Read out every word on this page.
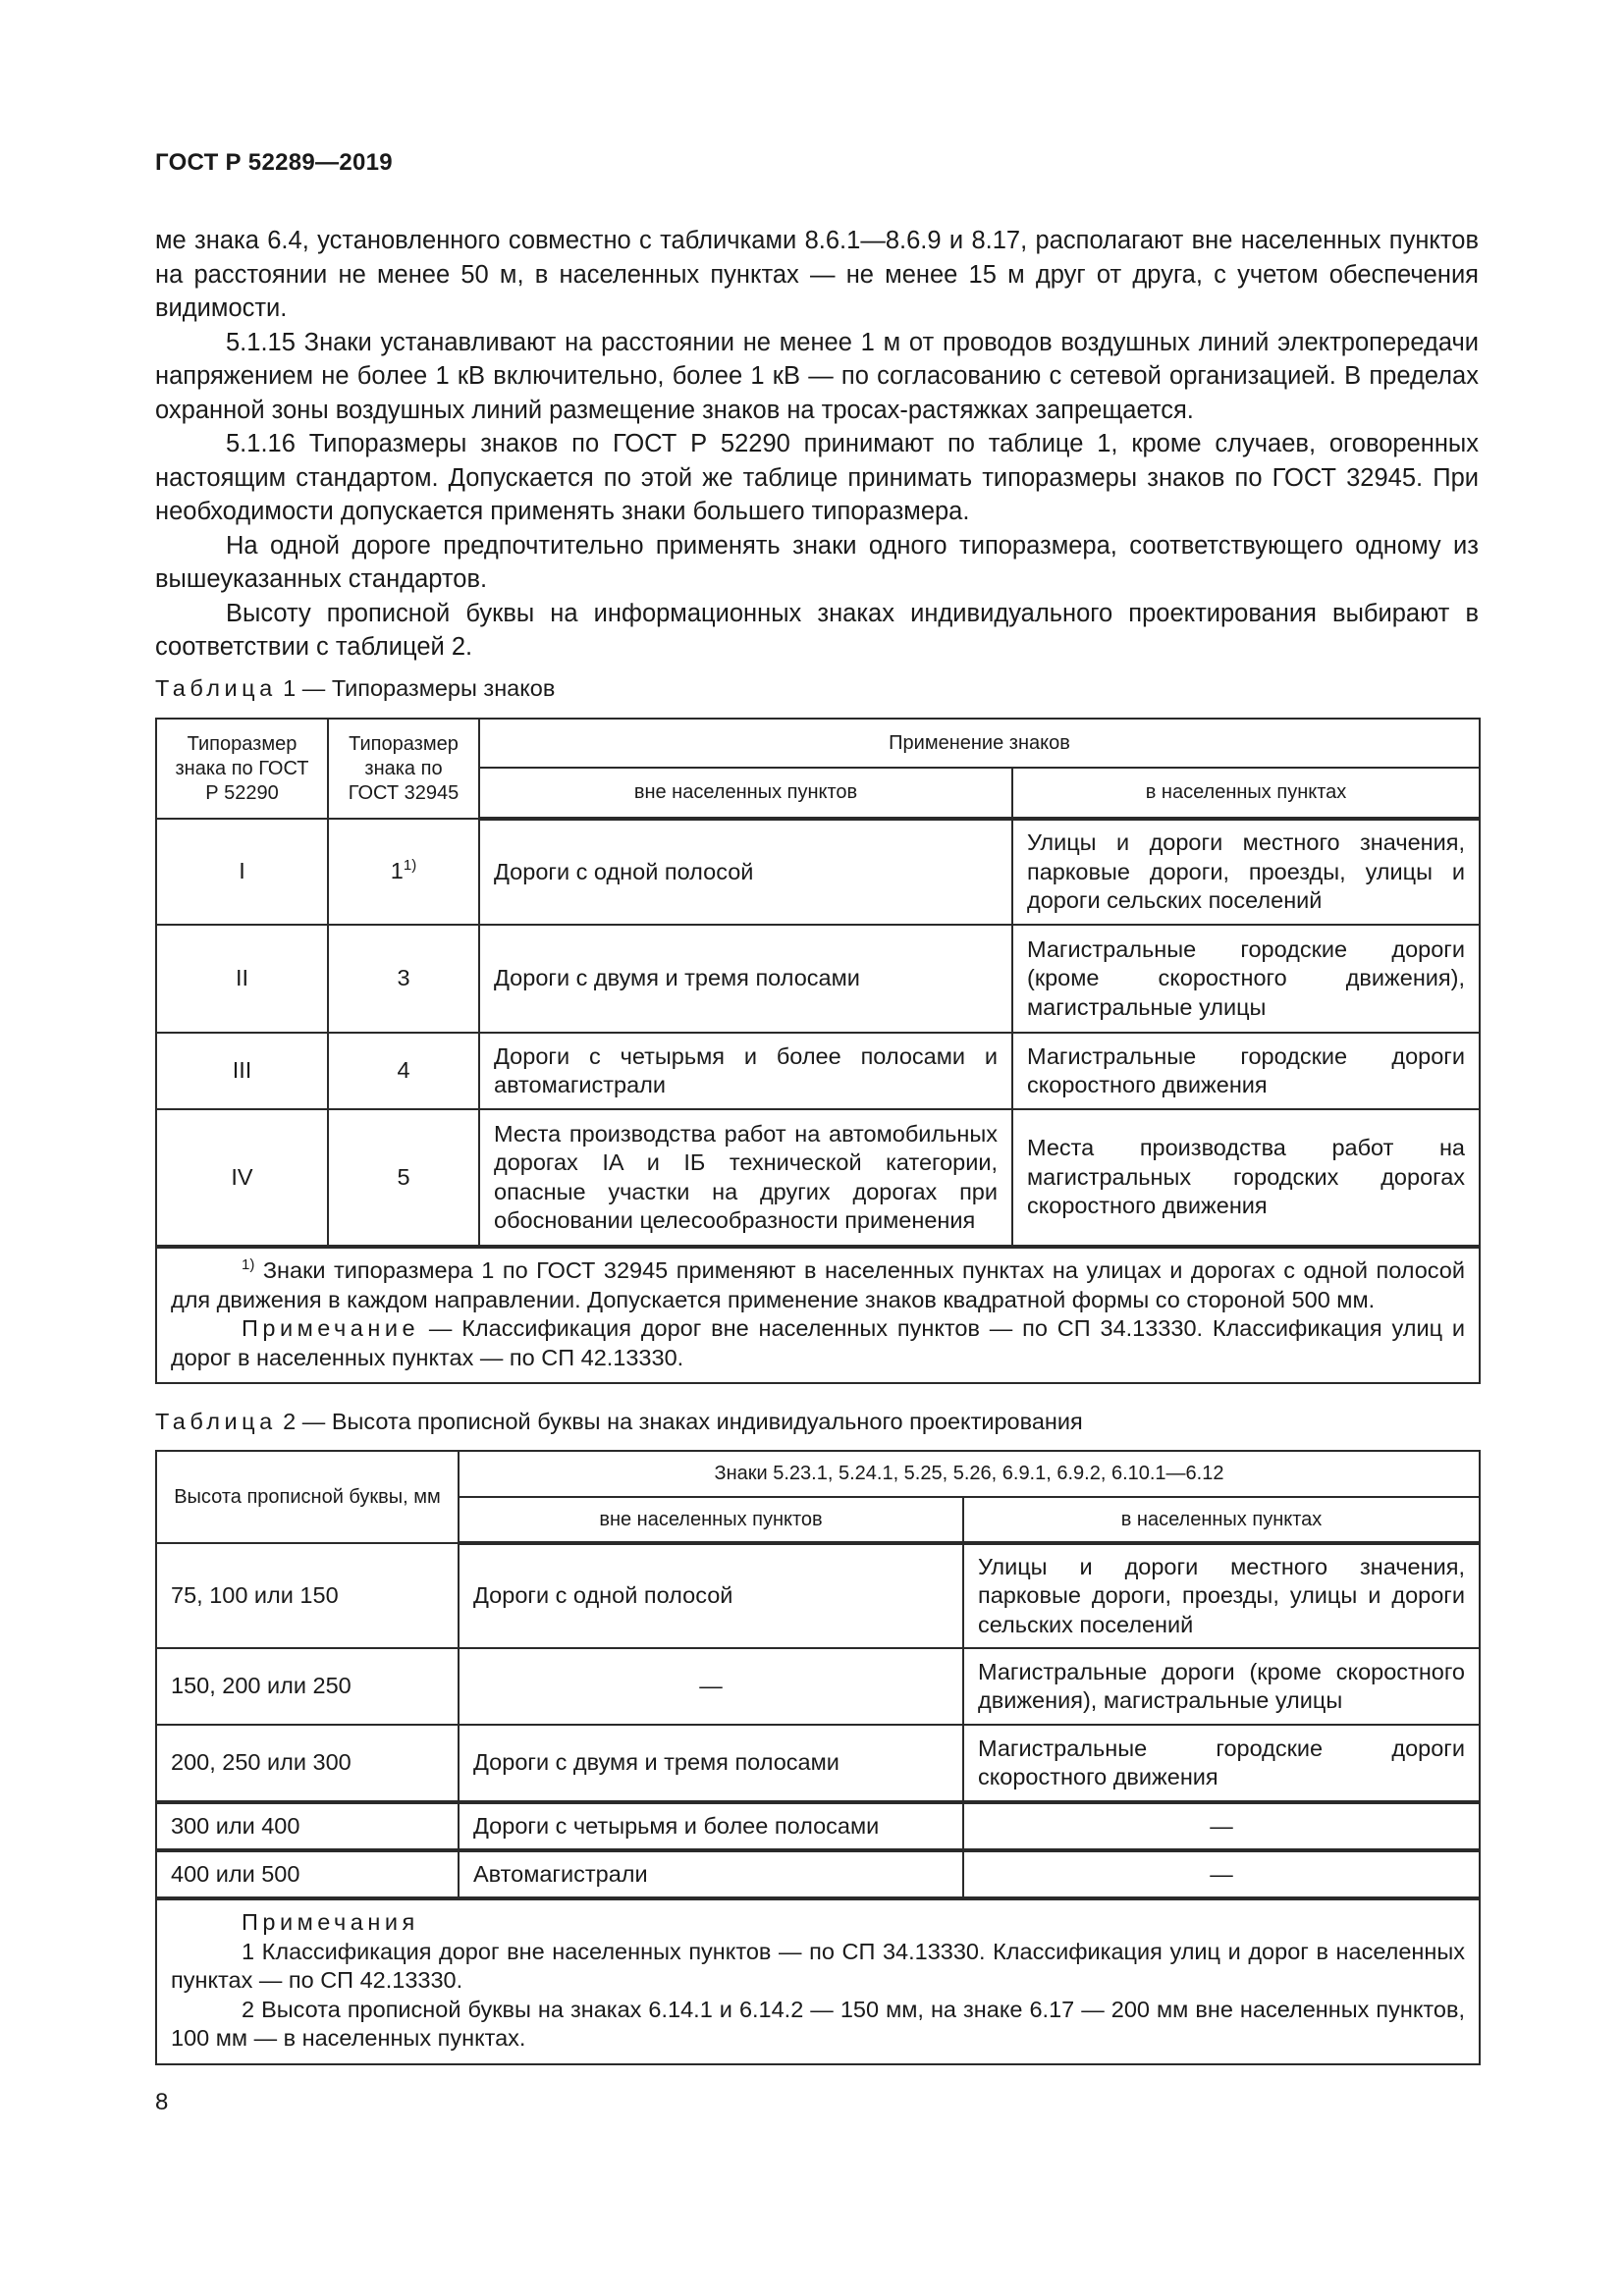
ГОСТ Р 52289—2019

ме знака 6.4, установленного совместно с табличками 8.6.1—8.6.9 и 8.17, располагают вне населенных пунктов на расстоянии не менее 50 м, в населенных пунктах — не менее 15 м друг от друга, с учетом обеспечения видимости.

5.1.15 Знаки устанавливают на расстоянии не менее 1 м от проводов воздушных линий электропередачи напряжением не более 1 кВ включительно, более 1 кВ — по согласованию с сетевой организацией. В пределах охранной зоны воздушных линий размещение знаков на тросах-растяжках запрещается.

5.1.16 Типоразмеры знаков по ГОСТ Р 52290 принимают по таблице 1, кроме случаев, оговоренных настоящим стандартом. Допускается по этой же таблице принимать типоразмеры знаков по ГОСТ 32945. При необходимости допускается применять знаки большего типоразмера.

На одной дороге предпочтительно применять знаки одного типоразмера, соответствующего одному из вышеуказанных стандартов.

Высоту прописной буквы на информационных знаках индивидуального проектирования выбирают в соответствии с таблицей 2.

Таблица 1 — Типоразмеры знаков
Типоразмер знака по ГОСТ Р 52290	Типоразмер знака по ГОСТ 32945	Применение знаков	
		вне населенных пунктов	в населенных пунктах
I	1$^{1)}$	Дороги с одной полосой	Улицы и дороги местного значения, парковые дороги, проезды, улицы и дороги сельских поселений
II	3	Дороги с двумя и тремя полосами	Магистральные городские дороги (кроме скоростного движения), магистральные улицы
III	4	Дороги с четырьмя и более полосами и автомагистрали	Магистральные городские дороги скоростного движения
IV	5	Места производства работ на автомобильных дорогах IA и IБ технической категории, опасные участки на других дорогах при обосновании целесообразности применения	Места производства работ на магистральных городских дорогах скоростного движения

$^{1)}$ Знаки типоразмера 1 по ГОСТ 32945 применяют в населенных пунктах на улицах и дорогах с одной полосой для движения в каждом направлении. Допускается применение знаков квадратной формы со стороной 500 мм.

Примечание — Классификация дорог вне населенных пунктов — по СП 34.13330. Классификация улиц и дорог в населенных пунктах — по СП 42.13330.			

Таблица 2 — Высота прописной буквы на знаках индивидуального проектирования
Высота прописной буквы, мм	Знаки 5.23.1, 5.24.1, 5.25, 5.26, 6.9.1, 6.9.2, 6.10.1—6.12	
	вне населенных пунктов	в населенных пунктах
75, 100 или 150	Дороги с одной полосой	Улицы и дороги местного значения, парковые дороги, проезды, улицы и дороги сельских поселений
150, 200 или 250	—	Магистральные дороги (кроме скоростного движения), магистральные улицы
200, 250 или 300	Дороги с двумя и тремя полосами	Магистральные городские дороги скоростного движения
300 или 400	Дороги с четырьмя и более полосами	—
400 или 500	Автомагистрали	—

Примечания

1 Классификация дорог вне населенных пунктов — по СП 34.13330. Классификация улиц и дорог в населенных пунктах — по СП 42.13330.

2 Высота прописной буквы на знаках 6.14.1 и 6.14.2 — 150 мм, на знаке 6.17 — 200 мм вне населенных пунктов, 100 мм — в населенных пунктах.		

8
